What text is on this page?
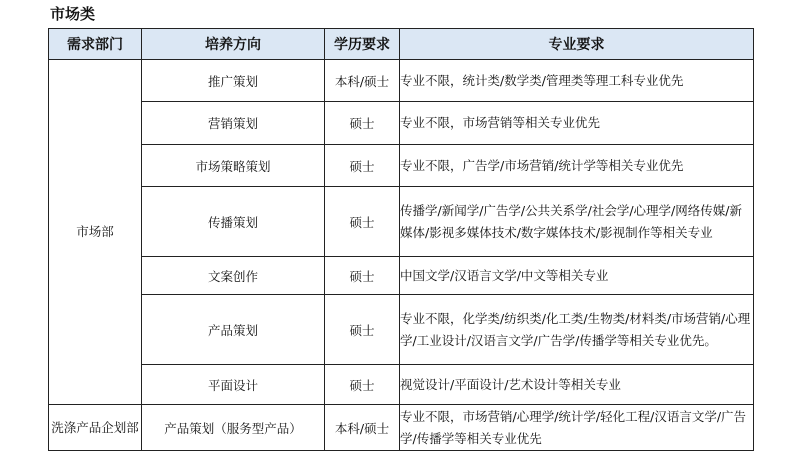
市场类
需求部门	培养方向	学历要求	专业要求
市场部	推广策划	本科/硕士	专业不限，统计类/数学类/管理类等理工科专业优先
	营销策划	硕士	专业不限，市场营销等相关专业优先
	市场策略策划	硕士	专业不限，广告学/市场营销/统计学等相关专业优先
	传播策划	硕士	传播学/新闻学/广告学/公共关系学/社会学/心理学/网络传媒/新媒体/影视多媒体技术/数字媒体技术/影视制作等相关专业
	文案创作	硕士	中国文学/汉语言文学/中文等相关专业
	产品策划	硕士	专业不限，化学类/纺织类/化工类/生物类/材料类/市场营销/心理学/工业设计/汉语言文学/广告学/传播学等相关专业优先。
	平面设计	硕士	视觉设计/平面设计/艺术设计等相关专业
洗涤产品企划部	产品策划（服务型产品）	本科/硕士	专业不限，市场营销/心理学/统计学/轻化工程/汉语言文学/广告学/传播学等相关专业优先
